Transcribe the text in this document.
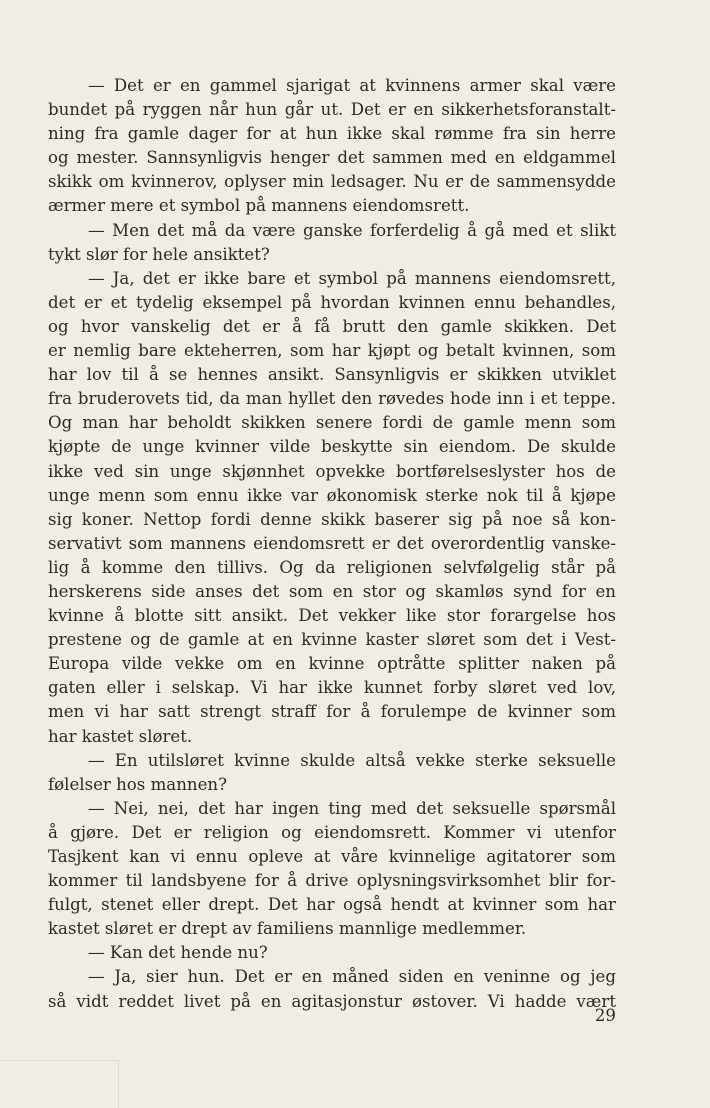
— Det er en gammel sjarigat at kvinnens armer skal være
bundet på ryggen når hun går ut. Det er en sikkerhetsforanstalt-
ning fra gamle dager for at hun ikke skal rømme fra sin herre
og mester. Sannsynligvis henger det sammen med en eldgammel
skikk om kvinnerov, oplyser min ledsager. Nu er de sammensydde
ærmer mere et symbol på mannens eiendomsrett.
— Men det må da være ganske forferdelig å gå med et slikt
tykt slør for hele ansiktet?
— Ja, det er ikke bare et symbol på mannens eiendomsrett,
det er et tydelig eksempel på hvordan kvinnen ennu behandles,
og hvor vanskelig det er å få brutt den gamle skikken. Det
er nemlig bare ekteherren, som har kjøpt og betalt kvinnen, som
har lov til å se hennes ansikt. Sansynligvis er skikken utviklet
fra bruderovets tid, da man hyllet den røvedes hode inn i et teppe.
Og man har beholdt skikken senere fordi de gamle menn som
kjøpte de unge kvinner vilde beskytte sin eiendom. De skulde
ikke ved sin unge skjønnhet opvekke bortførelseslyster hos de
unge menn som ennu ikke var økonomisk sterke nok til å kjøpe
sig koner. Nettop fordi denne skikk baserer sig på noe så kon-
servativt som mannens eiendomsrett er det overordentlig vanske-
lig å komme den tillivs. Og da religionen selvfølgelig står på
herskerens side anses det som en stor og skamløs synd for en
kvinne å blotte sitt ansikt. Det vekker like stor forargelse hos
prestene og de gamle at en kvinne kaster sløret som det i Vest-
Europa vilde vekke om en kvinne optråtte splitter naken på
gaten eller i selskap. Vi har ikke kunnet forby sløret ved lov,
men vi har satt strengt straff for å forulempe de kvinner som
har kastet sløret.
— En utilsløret kvinne skulde altså vekke sterke seksuelle
følelser hos mannen?
— Nei, nei, det har ingen ting med det seksuelle spørsmål
å gjøre. Det er religion og eiendomsrett. Kommer vi utenfor
Tasjkent kan vi ennu opleve at våre kvinnelige agitatorer som
kommer til landsbyene for å drive oplysningsvirksomhet blir for-
fulgt, stenet eller drept. Det har også hendt at kvinner som har
kastet sløret er drept av familiens mannlige medlemmer.
— Kan det hende nu?
— Ja, sier hun. Det er en måned siden en veninne og jeg
så vidt reddet livet på en agitasjonstur østover. Vi hadde vært
29
